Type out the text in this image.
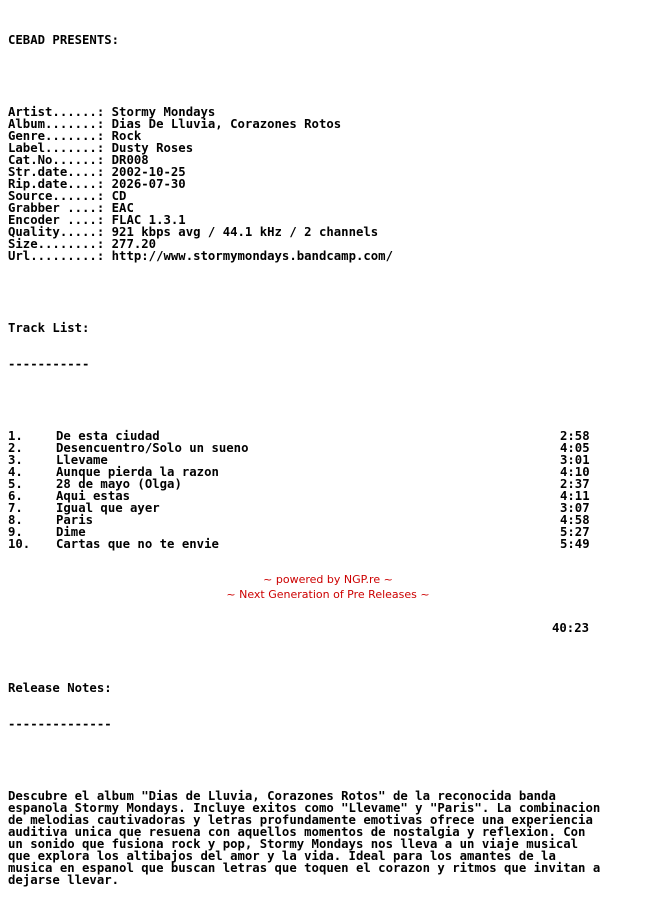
CEBAD PRESENTS:

Artist......: Stormy Mondays
Album.......: Dias De Lluvia, Corazones Rotos
Genre.......: Rock
Label.......: Dusty Roses
Cat.No......: DR008
Str.date....: 2002-10-25
Rip.date....: 2026-07-30
Source......: CD
Grabber ....: EAC
Encoder ....: FLAC 1.3.1
Quality.....: 921 kbps avg / 44.1 kHz / 2 channels
Size........: 277.20
Url.........: http://www.stormymondays.bandcamp.com/

Track List:

-----------

1.	De esta ciudad	2:58
2.	Desencuentro/Solo un sueno	4:05
3.	Llevame	3:01
4.	Aunque pierda la razon	4:10
5.	28 de mayo (Olga)	2:37
6.	Aqui estas	4:11
7.	Igual que ayer	3:07
8.	Paris	4:58
9.	Dime	5:27
10. Cartas que no te envie	5:49

40:23

Release Notes:

--------------

Descubre el album "Dias de Lluvia, Corazones Rotos" de la reconocida banda
espanola Stormy Mondays. Incluye exitos como "Llevame" y "Paris". La combinacion
de melodias cautivadoras y letras profundamente emotivas ofrece una experiencia
auditiva unica que resuena con aquellos momentos de nostalgia y reflexion. Con
un sonido que fusiona rock y pop, Stormy Mondays nos lleva a un viaje musical
que explora los altibajos del amor y la vida. Ideal para los amantes de la
musica en espanol que buscan letras que toquen el corazon y ritmos que invitan a
dejarse llevar.

~ powered by NGP.re ~
~ Next Generation of Pre Releases ~
